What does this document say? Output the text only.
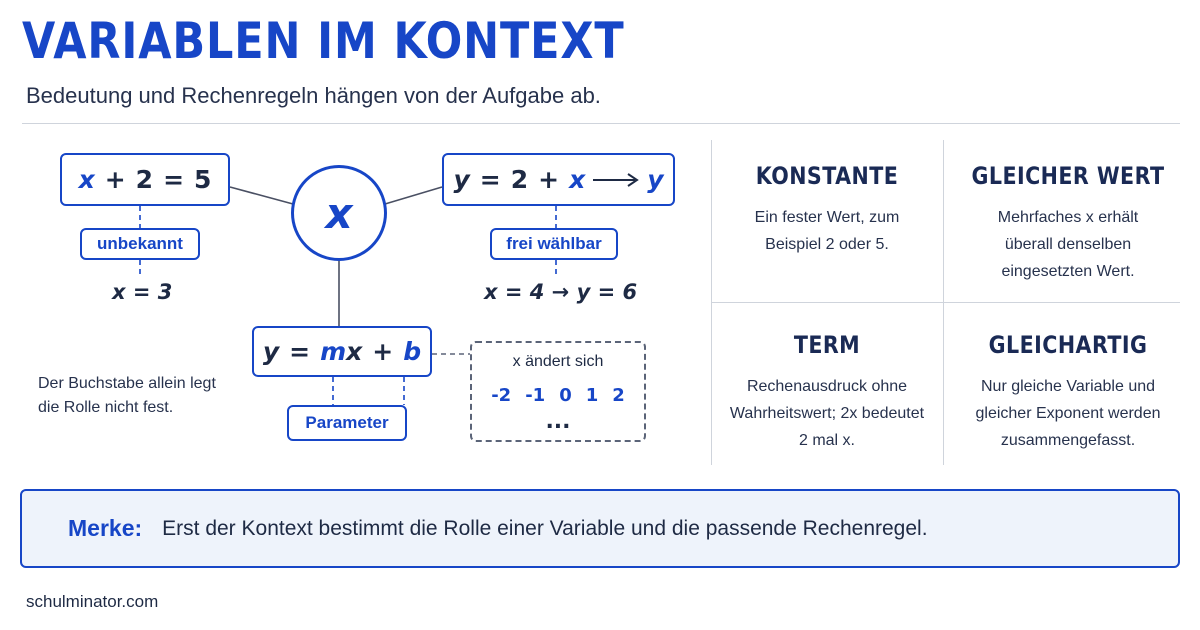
VARIABLEN IM KONTEXT
Bedeutung und Rechenregeln hängen von der Aufgabe ab.
x + 2 = 5
unbekannt
x = 3
x
y = 2 + x y
frei wählbar
x = 4 → y = 6
y = m x + b
Parameter
x ändert sich
-2 -1 0 1 2
...
Der Buchstabe allein legt die Rolle nicht fest.
KONSTANTE
Ein fester Wert, zum Beispiel 2 oder 5.
GLEICHER WERT
Mehrfaches x erhält überall denselben eingesetzten Wert.
TERM
Rechenausdruck ohne Wahrheitswert; 2x bedeutet 2 mal x.
GLEICHARTIG
Nur gleiche Variable und gleicher Exponent werden zusammengefasst.
Merke: Erst der Kontext bestimmt die Rolle einer Variable und die passende Rechenregel.
schulminator.com
